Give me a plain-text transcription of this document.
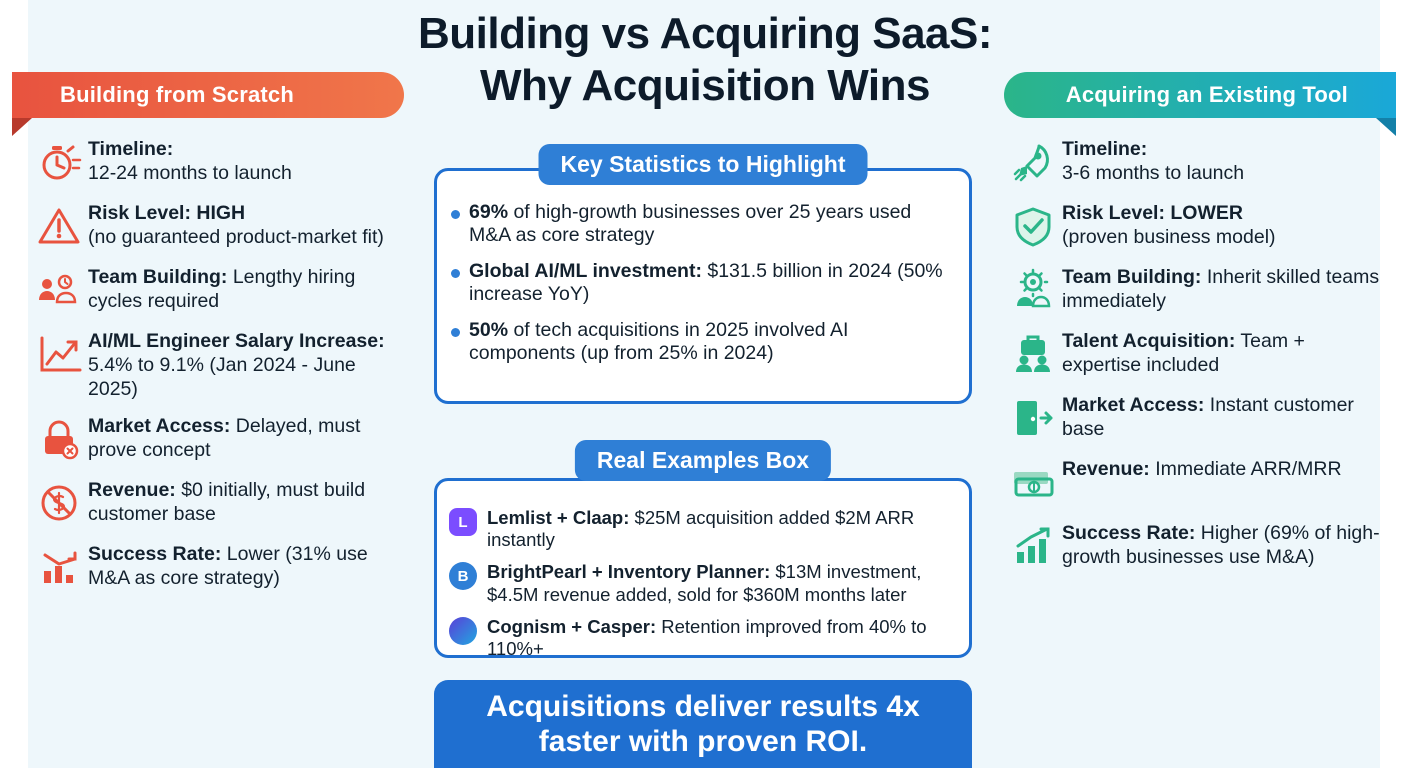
Building vs Acquiring SaaS:
Why Acquisition Wins
Building from Scratch	Acquiring an Existing Tool
Timeline:
12-24 months to launch
Risk Level: HIGH
(no guaranteed product-market fit)
Team Building: Lengthy hiring cycles required
AI/ML Engineer Salary Increase: 5.4% to 9.1% (Jan 2024 - June 2025)
Market Access: Delayed, must prove concept
Revenue: $0 initially, must build customer base
Success Rate: Lower (31% use M&A as core strategy)
Timeline:
3-6 months to launch
Risk Level: LOWER
(proven business model)
Team Building: Inherit skilled teams immediately
Talent Acquisition: Team + expertise included
Market Access: Instant customer base
Revenue: Immediate ARR/MRR
Success Rate: Higher (69% of high-growth businesses use M&A)
69% of high-growth businesses over 25 years used M&A as core strategy
Global AI/ML investment: $131.5 billion in 2024 (50% increase YoY)
50% of tech acquisitions in 2025 involved AI components (up from 25% in 2024)
Key Statistics to Highlight
L	Lemlist + Claap: $25M acquisition added $2M ARR instantly
B	BrightPearl + Inventory Planner: $13M investment, $4.5M revenue added, sold for $360M months later
Cognism + Casper: Retention improved from 40% to 110%+
Real Examples Box
Acquisitions deliver results 4x
faster with proven ROI.
